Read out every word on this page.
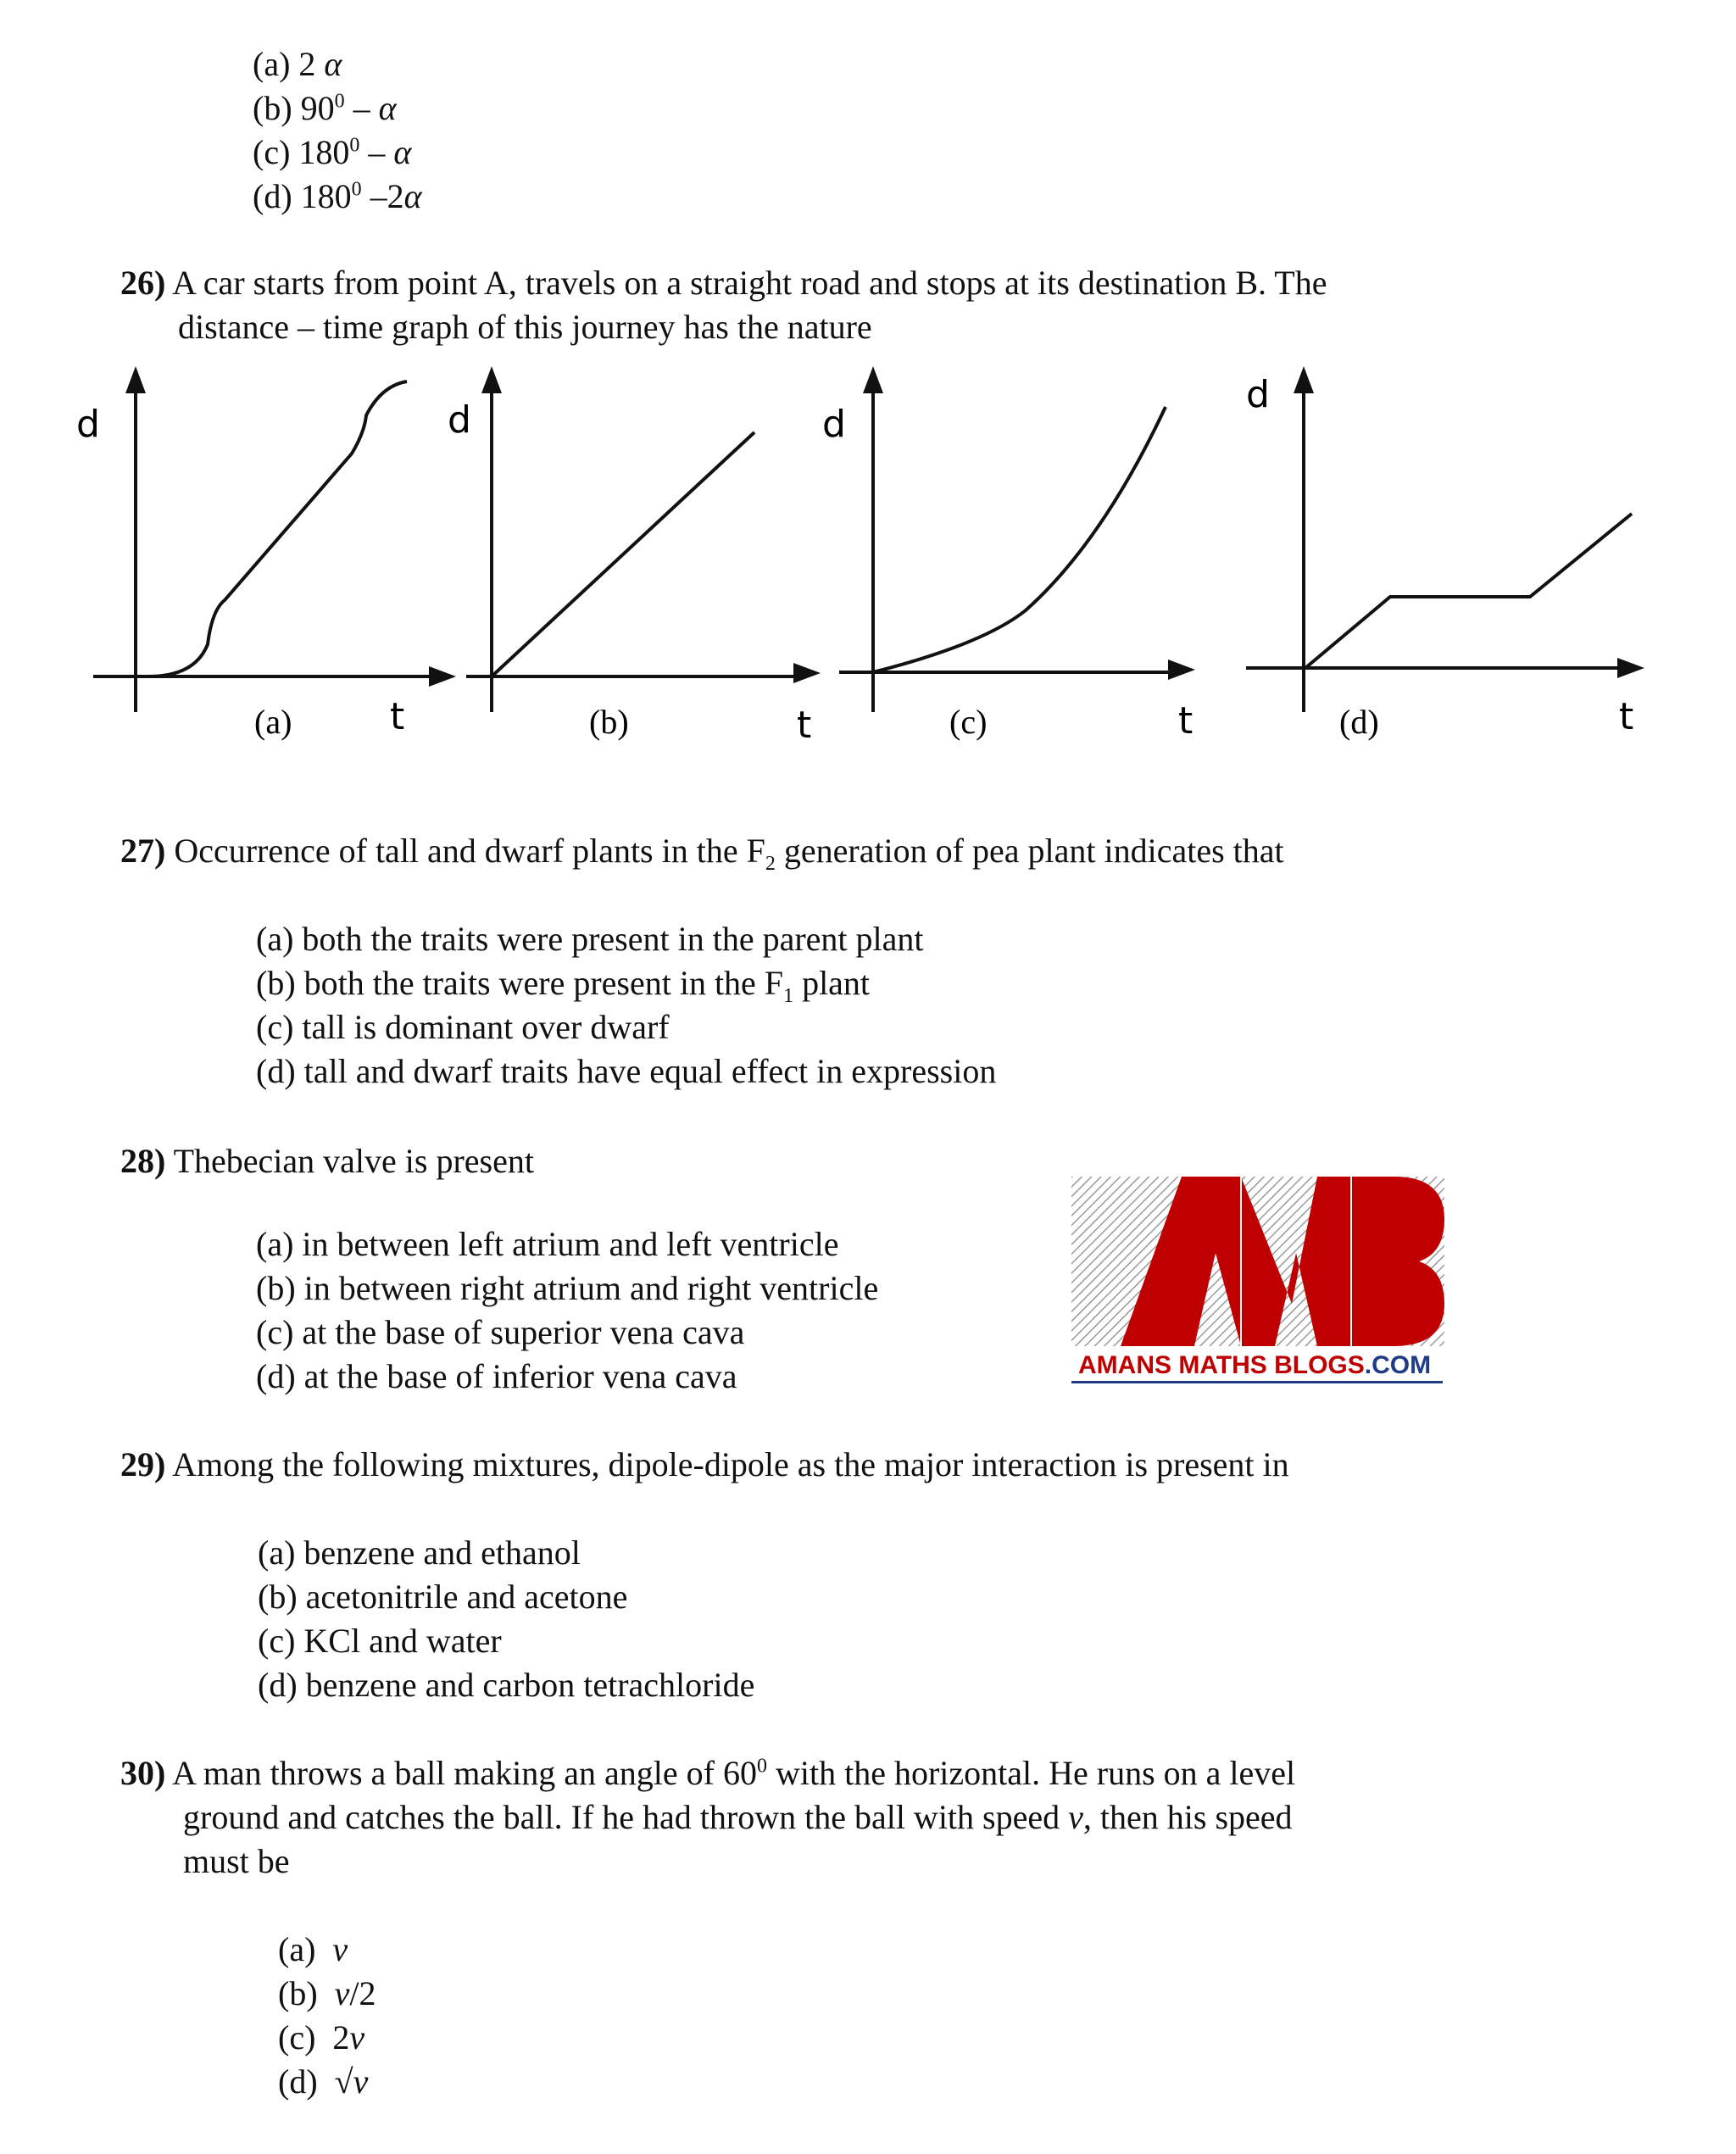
(a) 2 α
(b) $90^0$ – α
(c) $180^0$ – α
(d) $180^0$ –2α
26) A car starts from point A, travels on a straight road and stops at its destination B. The
distance – time graph of this journey has the nature
d
t
(a)
d
t
(b)
d
t
(c)
d
t
(d)
27) Occurrence of tall and dwarf plants in the $F_2$ generation of pea plant indicates that
(a) both the traits were present in the parent plant
(b) both the traits were present in the $F_1$ plant
(c) tall is dominant over dwarf
(d) tall and dwarf traits have equal effect in expression
28) Thebecian valve is present
(a) in between left atrium and left ventricle
(b) in between right atrium and right ventricle
(c) at the base of superior vena cava
(d) at the base of inferior vena cava	AMANS MATHS BLOGS.COM
29) Among the following mixtures, dipole-dipole as the major interaction is present in
(a) benzene and ethanol
(b) acetonitrile and acetone
(c) KCl and water
(d) benzene and carbon tetrachloride
30) A man throws a ball making an angle of $60^0$ with the horizontal. He runs on a level
ground and catches the ball. If he had thrown the ball with speed v, then his speed
must be
(a) v
(b) v/2
(c) 2v
(d) √v
